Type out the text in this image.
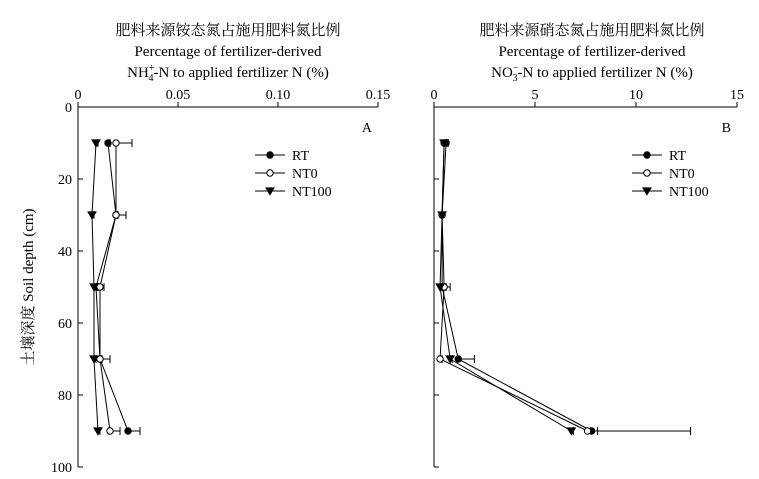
土壤深度 Soil depth (cm)
肥料来源铵态氮占施用肥料氮比例
Percentage of fertilizer-derived
NH+ 4-N to applied fertilizer N (%)
0	0.05	0.10	0.15
0
20
40
60
80
100
A
RT
NT0
NT100
肥料来源硝态氮占施用肥料氮比例
Percentage of fertilizer-derived
NO− 3-N to applied fertilizer N (%)
0	5	10	15
B
RT
NT0
NT100
